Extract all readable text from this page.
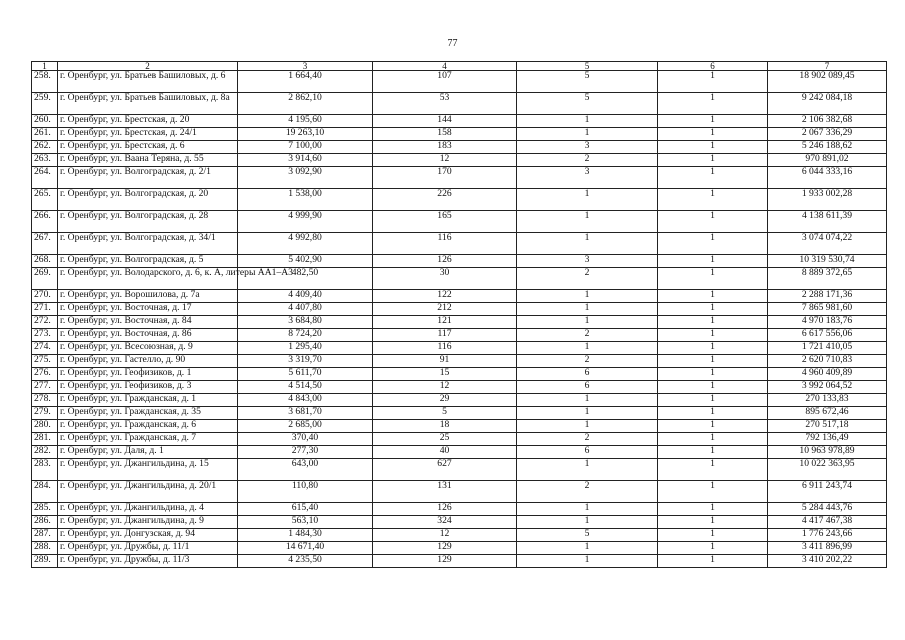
77
1	2	3	4	5	6	7
258.	г. Оренбург, ул. Братьев Башиловых, д. 6	1 664,40	107	5	1	18 902 089,45
259.	г. Оренбург, ул. Братьев Башиловых, д. 8а	2 862,10	53	5	1	9 242 084,18
260.	г. Оренбург, ул. Брестская, д. 20	4 195,60	144	1	1	2 106 382,68
261.	г. Оренбург, ул. Брестская, д. 24/1	19 263,10	158	1	1	2 067 336,29
262.	г. Оренбург, ул. Брестская, д. 6	7 100,00	183	3	1	5 246 188,62
263.	г. Оренбург, ул. Ваана Теряна, д. 55	3 914,60	12	2	1	970 891,02
264.	г. Оренбург, ул. Волгоградская, д. 2/1	3 092,90	170	3	1	6 044 333,16
265.	г. Оренбург, ул. Волгоградская, д. 20	1 538,00	226	1	1	1 933 002,28
266.	г. Оренбург, ул. Волгоградская, д. 28	4 999,90	165	1	1	4 138 611,39
267.	г. Оренбург, ул. Волгоградская, д. 34/1	4 992,80	116	1	1	3 074 074,22
268.	г. Оренбург, ул. Волгоградская, д. 5	5 402,90	126	3	1	10 319 530,74
269.	г. Оренбург, ул. Володарского, д. 6, к. А, литеры АА1–А3	482,50	30	2	1	8 889 372,65
270.	г. Оренбург, ул. Ворошилова, д. 7а	4 409,40	122	1	1	2 288 171,36
271.	г. Оренбург, ул. Восточная, д. 17	4 407,80	212	1	1	7 865 981,60
272.	г. Оренбург, ул. Восточная, д. 84	3 684,80	121	1	1	4 970 183,76
273.	г. Оренбург, ул. Восточная, д. 86	8 724,20	117	2	1	6 617 556,06
274.	г. Оренбург, ул. Всесоюзная, д. 9	1 295,40	116	1	1	1 721 410,05
275.	г. Оренбург, ул. Гастелло, д. 90	3 319,70	91	2	1	2 620 710,83
276.	г. Оренбург, ул. Геофизиков, д. 1	5 611,70	15	6	1	4 960 409,89
277.	г. Оренбург, ул. Геофизиков, д. 3	4 514,50	12	6	1	3 992 064,52
278.	г. Оренбург, ул. Гражданская, д. 1	4 843,00	29	1	1	270 133,83
279.	г. Оренбург, ул. Гражданская, д. 35	3 681,70	5	1	1	895 672,46
280.	г. Оренбург, ул. Гражданская, д. 6	2 685,00	18	1	1	270 517,18
281.	г. Оренбург, ул. Гражданская, д. 7	370,40	25	2	1	792 136,49
282.	г. Оренбург, ул. Даля, д. 1	277,30	40	6	1	10 963 978,89
283.	г. Оренбург, ул. Джангильдина, д. 15	643,00	627	1	1	10 022 363,95
284.	г. Оренбург, ул. Джангильдина, д. 20/1	110,80	131	2	1	6 911 243,74
285.	г. Оренбург, ул. Джангильдина, д. 4	615,40	126	1	1	5 284 443,76
286.	г. Оренбург, ул. Джангильдина, д. 9	563,10	324	1	1	4 417 467,38
287.	г. Оренбург, ул. Донгузская, д. 94	1 484,30	12	5	1	1 776 243,66
288.	г. Оренбург, ул. Дружбы, д. 11/1	14 671,40	129	1	1	3 411 896,99
289.	г. Оренбург, ул. Дружбы, д. 11/3	4 235,50	129	1	1	3 410 202,22
